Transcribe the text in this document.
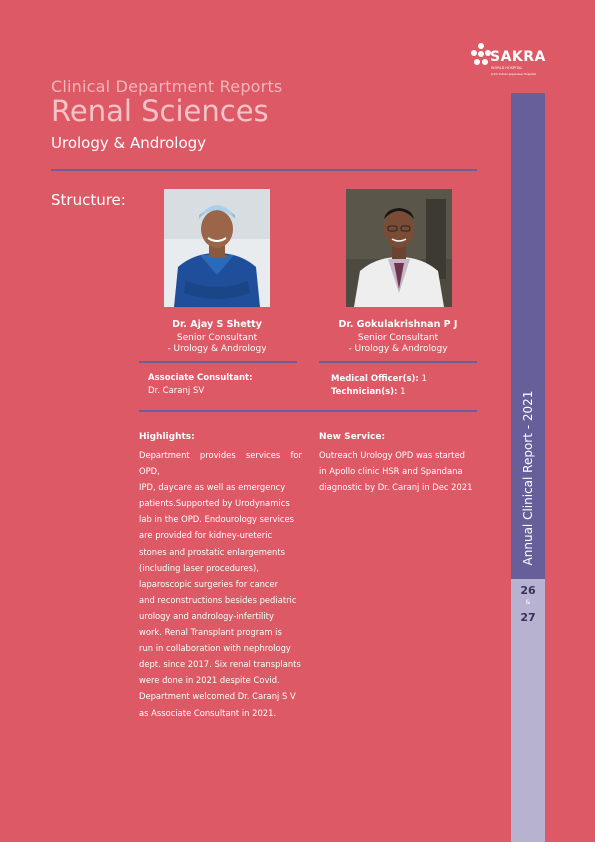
SAKRA
WORLD HOSPITAL
Joint Indian-Japanese Hospital
Clinical Department Reports
Renal Sciences
Urology & Andrology
Structure:
Dr. Ajay S Shetty
Senior Consultant
- Urology & Andrology
Dr. Gokulakrishnan P J
Senior Consultant
- Urology & Andrology
Associate Consultant:
Dr. Caranj SV
Medical Officer(s): 1
Technician(s): 1
Highlights:
Department provides services for OPD,
IPD, daycare as well as emergency
patients.Supported by Urodynamics
lab in the OPD. Endourology services
are provided for kidney-ureteric
stones and prostatic enlargements
(including laser procedures),
laparoscopic surgeries for cancer
and reconstructions besides pediatric
urology and andrology-infertility
work. Renal Transplant program is
run in collaboration with nephrology
dept. since 2017. Six renal transplants
were done in 2021 despite Covid.
Department welcomed Dr. Caranj S V
as Associate Consultant in 2021.
New Service:
Outreach Urology OPD was started
in Apollo clinic HSR and Spandana
diagnostic by Dr. Caranj in Dec 2021	Annual Clinical Report - 2021
26
&
27
